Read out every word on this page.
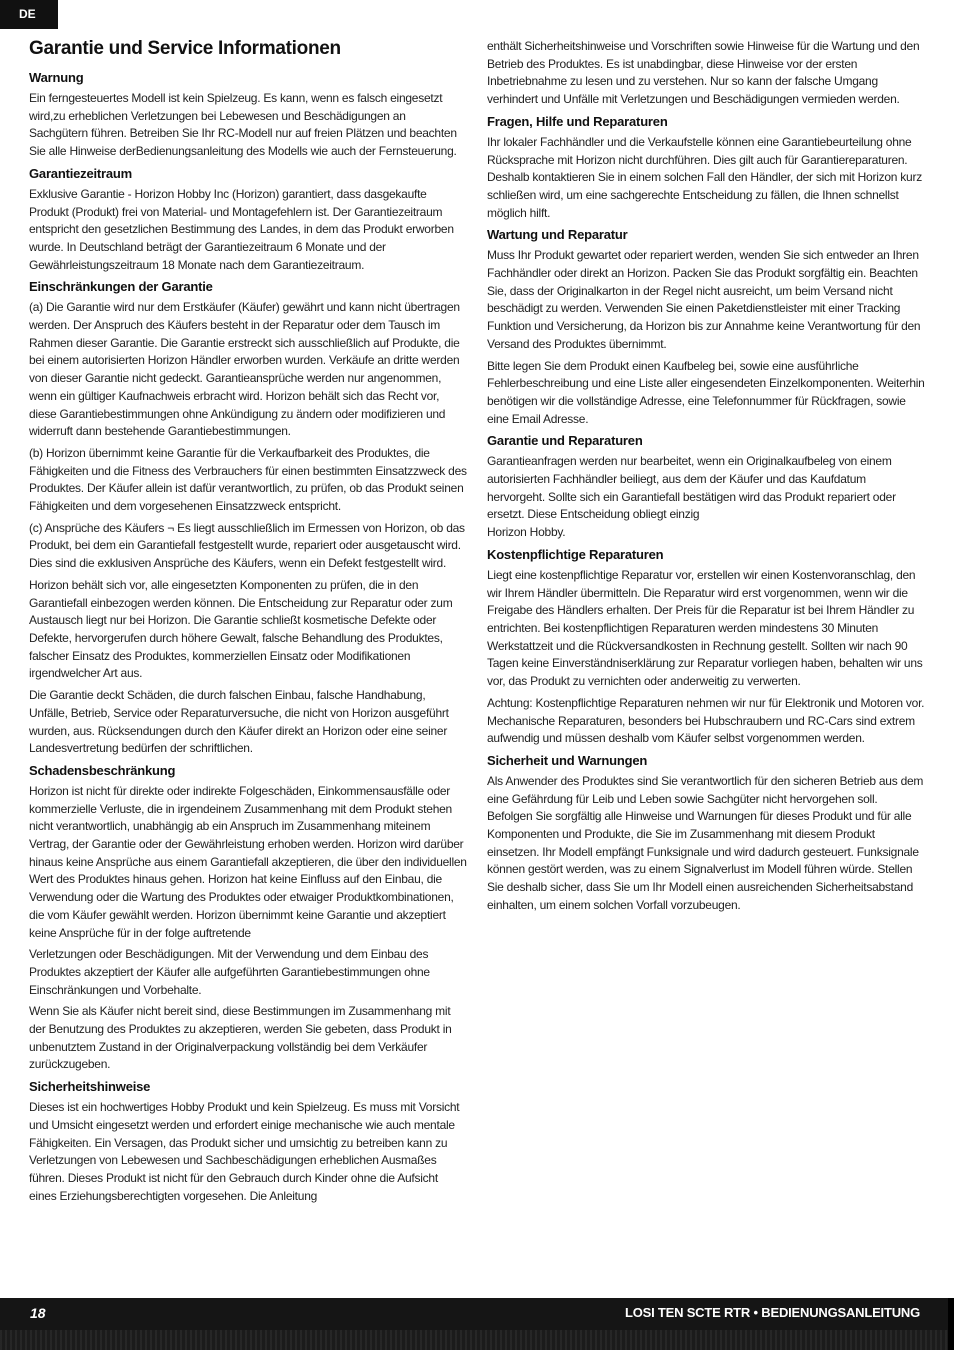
DE
Garantie und Service Informationen
Warnung

Ein ferngesteuertes Modell ist kein Spielzeug. Es kann, wenn es falsch eingesetzt wird,zu erheblichen Verletzungen bei Lebewesen und Beschädigungen an Sachgütern führen. Betreiben Sie Ihr RC-Modell nur auf freien Plätzen und beachten Sie alle Hinweise derBedienungsanleitung des Modells wie auch der Fernsteuerung.

Garantiezeitraum

Exklusive Garantie - Horizon Hobby Inc (Horizon) garantiert, dass dasgekaufte Produkt (Produkt) frei von Material- und Montagefehlern ist. Der Garantiezeitraum entspricht den gesetzlichen Bestimmung des Landes, in dem das Produkt erworben wurde. In Deutschland beträgt der Garantiezeitraum 6 Monate und der Gewährleistungszeitraum 18 Monate nach dem Garantiezeitraum.

Einschränkungen der Garantie

(a) Die Garantie wird nur dem Erstkäufer (Käufer) gewährt und kann nicht übertragen werden. Der Anspruch des Käufers besteht in der Reparatur oder dem Tausch im Rahmen dieser Garantie. Die Garantie erstreckt sich ausschließlich auf Produkte, die bei einem autorisierten Horizon Händler erworben wurden. Verkäufe an dritte werden von dieser Garantie nicht gedeckt. Garantieansprüche werden nur angenommen, wenn ein gültiger Kaufnachweis erbracht wird. Horizon behält sich das Recht vor, diese Garantiebestimmungen ohne Ankündigung zu ändern oder modifizieren und widerruft dann bestehende Garantiebestimmungen.

(b) Horizon übernimmt keine Garantie für die Verkaufbarkeit des Produktes, die Fähigkeiten und die Fitness des Verbrauchers für einen bestimmten Einsatzzweck des Produktes. Der Käufer allein ist dafür verantwortlich, zu prüfen, ob das Produkt seinen Fähigkeiten und dem vorgesehenen Einsatzzweck entspricht.

(c) Ansprüche des Käufers ¬ Es liegt ausschließlich im Ermessen von Horizon, ob das Produkt, bei dem ein Garantiefall festgestellt wurde, repariert oder ausgetauscht wird. Dies sind die exklusiven Ansprüche des Käufers, wenn ein Defekt festgestellt wird.

Horizon behält sich vor, alle eingesetzten Komponenten zu prüfen, die in den Garantiefall einbezogen werden können. Die Entscheidung zur Reparatur oder zum Austausch liegt nur bei Horizon. Die Garantie schließt kosmetische Defekte oder Defekte, hervorgerufen durch höhere Gewalt, falsche Behandlung des Produktes, falscher Einsatz des Produktes, kommerziellen Einsatz oder Modifikationen irgendwelcher Art aus.

Die Garantie deckt Schäden, die durch falschen Einbau, falsche Handhabung, Unfälle, Betrieb, Service oder Reparaturversuche, die nicht von Horizon ausgeführt wurden, aus. Rücksendungen durch den Käufer direkt an Horizon oder eine seiner Landesvertretung bedürfen der schriftlichen.

Schadensbeschränkung

Horizon ist nicht für direkte oder indirekte Folgeschäden, Einkommensausfälle oder kommerzielle Verluste, die in irgendeinem Zusammenhang mit dem Produkt stehen nicht verantwortlich, unabhängig ab ein Anspruch im Zusammenhang miteinem Vertrag, der Garantie oder der Gewährleistung erhoben werden. Horizon wird darüber hinaus keine Ansprüche aus einem Garantiefall akzeptieren, die über den individuellen Wert des Produktes hinaus gehen. Horizon hat keine Einfluss auf den Einbau, die Verwendung oder die Wartung des Produktes oder etwaiger Produktkombinationen, die vom Käufer gewählt werden. Horizon übernimmt keine Garantie und akzeptiert keine Ansprüche für in der folge auftretende

Verletzungen oder Beschädigungen. Mit der Verwendung und dem Einbau des Produktes akzeptiert der Käufer alle aufgeführten Garantiebestimmungen ohne Einschränkungen und Vorbehalte.

Wenn Sie als Käufer nicht bereit sind, diese Bestimmungen im Zusammenhang mit der Benutzung des Produktes zu akzeptieren, werden Sie gebeten, dass Produkt in unbenutztem Zustand in der Originalverpackung vollständig bei dem Verkäufer zurückzugeben.

Sicherheitshinweise

Dieses ist ein hochwertiges Hobby Produkt und kein Spielzeug. Es muss mit Vorsicht und Umsicht eingesetzt werden und erfordert einige mechanische wie auch mentale Fähigkeiten. Ein Versagen, das Produkt sicher und umsichtig zu betreiben kann zu Verletzungen von Lebewesen und Sachbeschädigungen erheblichen Ausmaßes führen. Dieses Produkt ist nicht für den Gebrauch durch Kinder ohne die Aufsicht eines Erziehungsberechtigten vorgesehen. Die Anleitung

enthält Sicherheitshinweise und Vorschriften sowie Hinweise für die Wartung und den Betrieb des Produktes. Es ist unabdingbar, diese Hinweise vor der ersten Inbetriebnahme zu lesen und zu verstehen. Nur so kann der falsche Umgang verhindert und Unfälle mit Verletzungen und Beschädigungen vermieden werden.

Fragen, Hilfe und Reparaturen

Ihr lokaler Fachhändler und die Verkaufstelle können eine Garantiebeurteilung ohne Rücksprache mit Horizon nicht durchführen. Dies gilt auch für Garantiereparaturen. Deshalb kontaktieren Sie in einem solchen Fall den Händler, der sich mit Horizon kurz schließen wird, um eine sachgerechte Entscheidung zu fällen, die Ihnen schnellst möglich hilft.

Wartung und Reparatur

Muss Ihr Produkt gewartet oder repariert werden, wenden Sie sich entweder an Ihren Fachhändler oder direkt an Horizon. Packen Sie das Produkt sorgfältig ein. Beachten Sie, dass der Originalkarton in der Regel nicht ausreicht, um beim Versand nicht beschädigt zu werden. Verwenden Sie einen Paketdienstleister mit einer Tracking Funktion und Versicherung, da Horizon bis zur Annahme keine Verantwortung für den Versand des Produktes übernimmt.

Bitte legen Sie dem Produkt einen Kaufbeleg bei, sowie eine ausführliche Fehlerbeschreibung und eine Liste aller eingesendeten Einzelkomponenten. Weiterhin benötigen wir die vollständige Adresse, eine Telefonnummer für Rückfragen, sowie eine Email Adresse.

Garantie und Reparaturen

Garantieanfragen werden nur bearbeitet, wenn ein Originalkaufbeleg von einem autorisierten Fachhändler beiliegt, aus dem der Käufer und das Kaufdatum hervorgeht. Sollte sich ein Garantiefall bestätigen wird das Produkt repariert oder ersetzt. Diese Entscheidung obliegt einzig
Horizon Hobby.

Kostenpflichtige Reparaturen

Liegt eine kostenpflichtige Reparatur vor, erstellen wir einen Kostenvoranschlag, den wir Ihrem Händler übermitteln. Die Reparatur wird erst vorgenommen, wenn wir die Freigabe des Händlers erhalten. Der Preis für die Reparatur ist bei Ihrem Händler zu entrichten. Bei kostenpflichtigen Reparaturen werden mindestens 30 Minuten Werkstattzeit und die Rückversandkosten in Rechnung gestellt. Sollten wir nach 90 Tagen keine Einverständniserklärung zur Reparatur vorliegen haben, behalten wir uns vor, das Produkt zu vernichten oder anderweitig zu verwerten.

Achtung: Kostenpflichtige Reparaturen nehmen wir nur für Elektronik und Motoren vor. Mechanische Reparaturen, besonders bei Hubschraubern und RC-Cars sind extrem aufwendig und müssen deshalb vom Käufer selbst vorgenommen werden.

Sicherheit und Warnungen

Als Anwender des Produktes sind Sie verantwortlich für den sicheren Betrieb aus dem eine Gefährdung für Leib und Leben sowie Sachgüter nicht hervorgehen soll. Befolgen Sie sorgfältig alle Hinweise und Warnungen für dieses Produkt und für alle Komponenten und Produkte, die Sie im Zusammenhang mit diesem Produkt einsetzen. Ihr Modell empfängt Funksignale und wird dadurch gesteuert. Funksignale können gestört werden, was zu einem Signalverlust im Modell führen würde. Stellen Sie deshalb sicher, dass Sie um Ihr Modell einen ausreichenden Sicherheitsabstand einhalten, um einem solchen Vorfall vorzubeugen.

18	LOSI TEN SCTE RTR • BEDIENUNGSANLEITUNG
